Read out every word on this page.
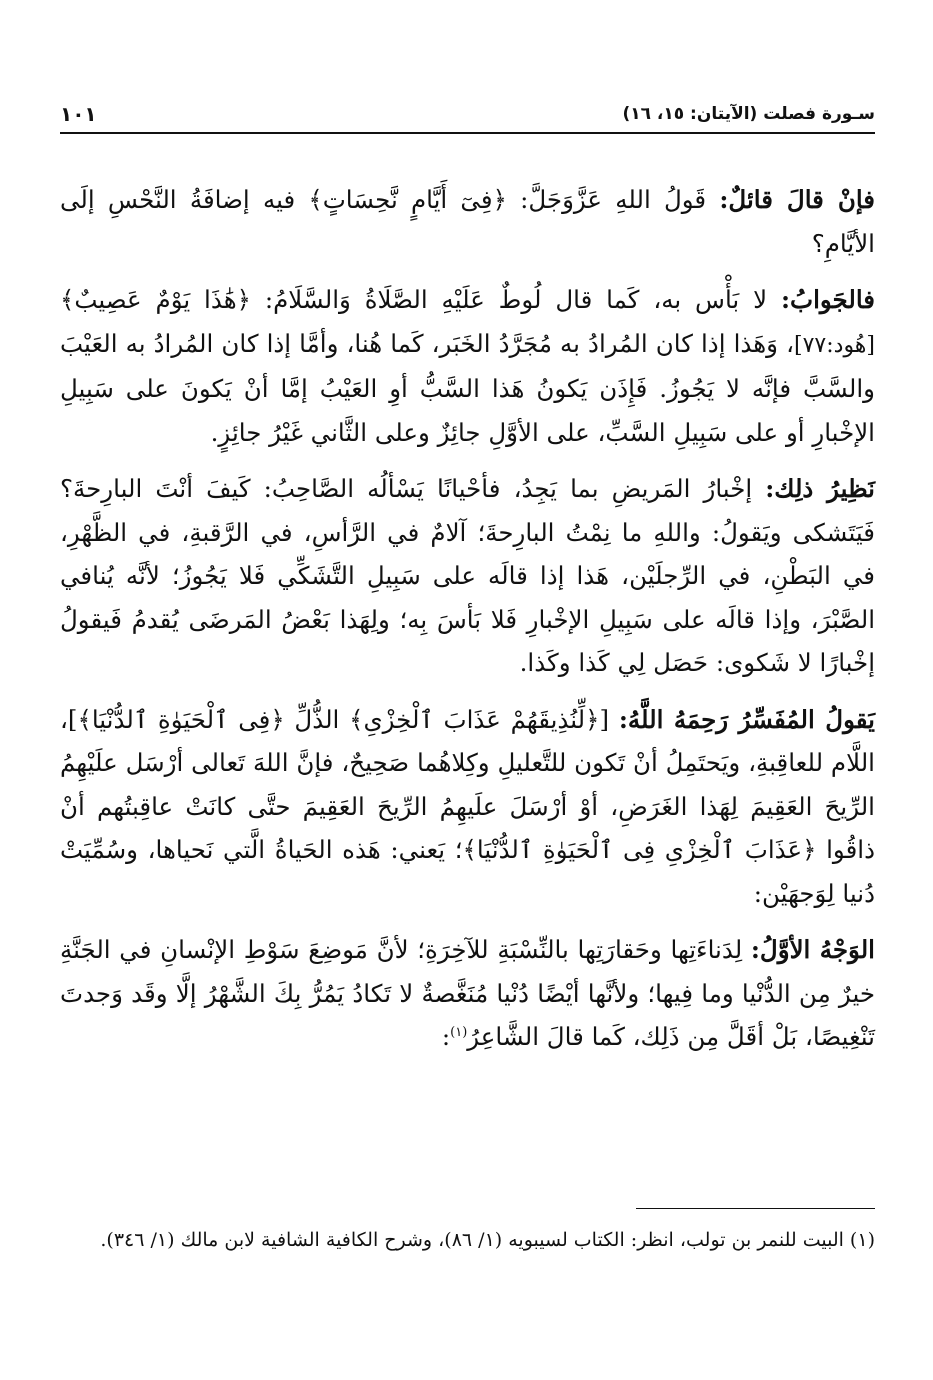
سـورة فصلت (الآيتان: ١٥، ١٦)
١٠١

فإنْ قالَ قائلٌ: قَولُ اللهِ عَزَّوَجَلَّ: ﴿فِىٓ أَيَّامٍ نَّحِسَاتٍ﴾ فيه إضافَةُ النَّحْسِ إلَى الأيَّامِ؟

فالجَوابُ: لا بَأْس به، كَما قال لُوطٌ عَلَيْهِ الصَّلَاةُ وَالسَّلَامُ: ﴿هَٰذَا يَوْمٌ عَصِيبٌ﴾ [هُود:٧٧]، وَهَذا إذا كان المُرادُ به مُجَرَّدُ الخَبَر، كَما هُنا، وأمَّا إذا كان المُرادُ به العَيْبَ والسَّبَّ فإنَّه لا يَجُوزُ. فَإِذَن يَكونُ هَذا السَّبُّ أوِ العَيْبُ إمَّا أنْ يَكونَ على سَبِيلِ الإخْبارِ أو على سَبِيلِ السَّبِّ، على الأوَّلِ جائِزٌ وعلى الثَّاني غَيْرُ جائِزٍ.

نَظِيرُ ذلِك: إخْبارُ المَريضِ بما يَجِدُ، فأحْيانًا يَسْألُه الصَّاحِبُ: كَيفَ أنْتَ البارِحةَ؟ فَيَتَشكى ويَقولُ: واللهِ ما نِمْتُ البارِحةَ؛ آلامٌ في الرَّأسِ، في الرَّقبةِ، في الظَّهْرِ، في البَطْنِ، في الرِّجلَيْن، هَذا إذا قالَه على سَبِيلِ التَّشَكِّي فَلا يَجُوزُ؛ لأنَّه يُنافي الصَّبْرَ، وإذا قالَه على سَبِيلِ الإخْبارِ فَلا بَأسَ بِه؛ ولِهَذا بَعْضُ المَرضَى يُقدمُ فَيقولُ إخْبارًا لا شَكوى: حَصَل لِي كَذا وكَذا.

يَقولُ المُفَسِّرُ رَحِمَهُ اللَّهُ: [﴿لِّنُذِيقَهُمْ عَذَابَ ٱلْخِزْىِ﴾ الذُّلِّ ﴿فِى ٱلْحَيَوٰةِ ٱلدُّنْيَا﴾]، اللَّام للعاقِبةِ، ويَحتَمِلُ أنْ تَكون للتَّعليلِ وكِلاهُما صَحِيحٌ، فإنَّ اللهَ تَعالى أرْسَل علَيْهِمُ الرِّيحَ العَقِيمَ لِهَذا الغَرَضِ، أوْ أرْسَلَ علَيهِمُ الرِّيحَ العَقِيمَ حتَّى كانَتْ عاقِبتُهم أنْ ذاقُوا ﴿عَذَابَ ٱلْخِزْىِ فِى ٱلْحَيَوٰةِ ٱلدُّنْيَا﴾؛ يَعني: هَذه الحَياةُ الَّتي نَحياها، وسُمِّيَتْ دُنيا لِوَجهَيْن:

الوَجْهُ الأوَّلُ: لِدَناءَتِها وحَقارَتِها بالنِّسْبَةِ للآخِرَةِ؛ لأنَّ مَوضِعَ سَوْطِ الإنْسانِ في الجَنَّةِ خيرٌ مِن الدُّنْيا وما فِيها؛ ولأنَّها أيْضًا دُنْيا مُنَغَّصةٌ لا تَكادُ يَمُرُّ بِكَ الشَّهْرُ إلَّا وقَد وَجدتَ تَنْغِيصًا، بَلْ أقَلَّ مِن ذَلِك، كَما قالَ الشَّاعِرُ$^{(١)}$:

(١) البيت للنمر بن تولب، انظر: الكتاب لسيبويه (١/ ٨٦)، وشرح الكافية الشافية لابن مالك (١/ ٣٤٦).
